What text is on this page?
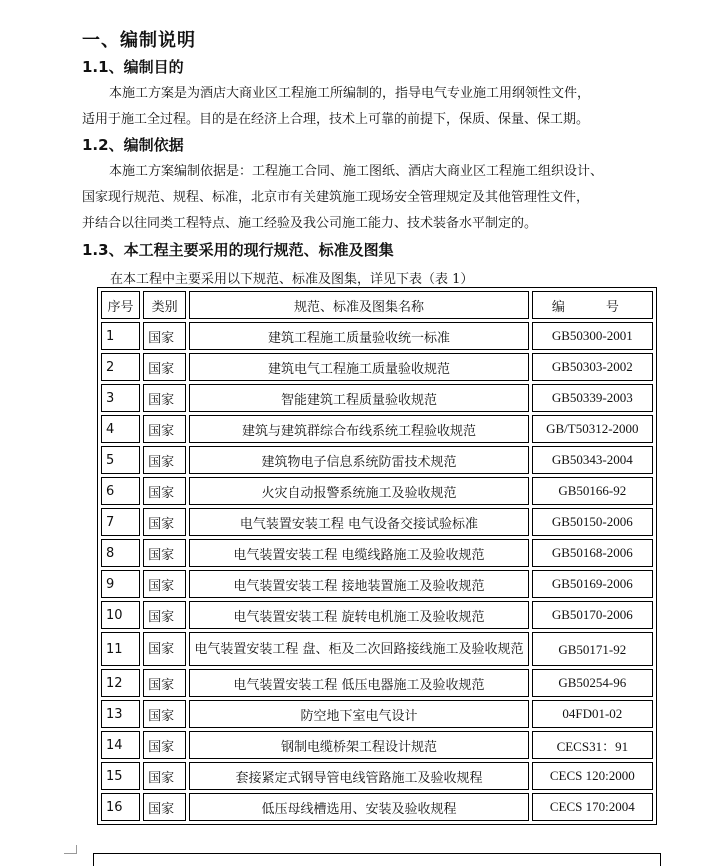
一、编制说明
1.1、编制目的
本施工方案是为酒店大商业区工程施工所编制的，指导电气专业施工用纲领性文件，
适用于施工全过程。目的是在经济上合理，技术上可靠的前提下，保质、保量、保工期。
1.2、编制依据
本施工方案编制依据是：工程施工合同、施工图纸、酒店大商业区工程施工组织设计、
国家现行规范、规程、标准，北京市有关建筑施工现场安全管理规定及其他管理性文件，
并结合以往同类工程特点、施工经验及我公司施工能力、技术装备水平制定的。
1.3、本工程主要采用的现行规范、标准及图集
在本工程中主要采用以下规范、标准及图集，详见下表（表 1）
序号	类别	规范、标准及图集名称	编　号
1	国家	建筑工程施工质量验收统一标准	GB50300-2001
2	国家	建筑电气工程施工质量验收规范	GB50303-2002
3	国家	智能建筑工程质量验收规范	GB50339-2003
4	国家	建筑与建筑群综合布线系统工程验收规范	GB/T50312-2000
5	国家	建筑物电子信息系统防雷技术规范	GB50343-2004
6	国家	火灾自动报警系统施工及验收规范	GB50166-92
7	国家	电气装置安装工程 电气设备交接试验标准	GB50150-2006
8	国家	电气装置安装工程 电缆线路施工及验收规范	GB50168-2006
9	国家	电气装置安装工程 接地装置施工及验收规范	GB50169-2006
10	国家	电气装置安装工程 旋转电机施工及验收规范	GB50170-2006
11	国家	电气装置安装工程 盘、柜及二次回路接线施工及验收规范	GB50171-92
12	国家	电气装置安装工程 低压电器施工及验收规范	GB50254-96
13	国家	防空地下室电气设计	04FD01-02
14	国家	钢制电缆桥架工程设计规范	CECS31：91
15	国家	套接紧定式钢导管电线管路施工及验收规程	CECS 120:2000
16	国家	低压母线槽选用、安装及验收规程	CECS 170:2004
